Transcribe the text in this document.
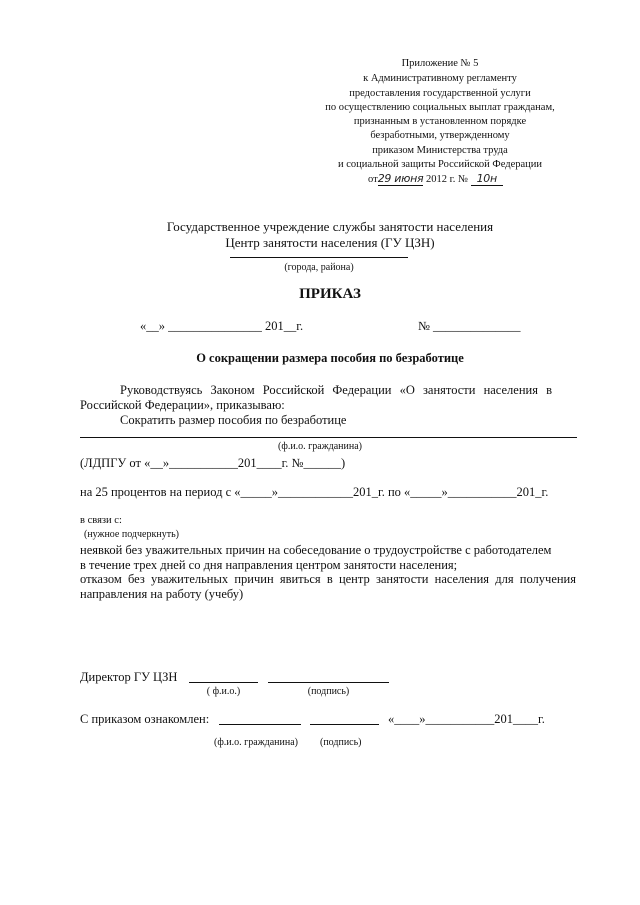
Приложение № 5
к Административному регламенту
предоставления государственной услуги
по осуществлению социальных выплат гражданам,
признанным в установленном порядке
безработными, утвержденному
приказом Министерства труда
и социальной защиты Российской Федерации
от29 июня 2012 г. № 10н
Государственное учреждение службы занятости населения
Центр занятости населения (ГУ ЦЗН)
(города, района)
ПРИКАЗ
«__» _______________ 201__г.	№ ______________
О сокращении размера пособия по безработице
Руководствуясь Законом Российской Федерации «О занятости населения в
Российской Федерации», приказываю:
Сократить размер пособия по безработице
(ф.и.о. гражданина)
(ЛДПГУ от «__»___________201____г. №______)
на 25 процентов на период с «_____»____________201_г. по «_____»___________201_г.
в связи с:
(нужное подчеркнуть)
неявкой без уважительных причин на собеседование о трудоустройстве с работодателем
в течение трех дней со дня направления центром занятости населения;
отказом без уважительных причин явиться в центр занятости населения для получения
направления на работу (учебу)
Директор ГУ ЦЗН
( ф.и.о.)	(подпись)
С приказом ознакомлен:	«____»___________201____г.
(ф.и.о. гражданина) (подпись)
